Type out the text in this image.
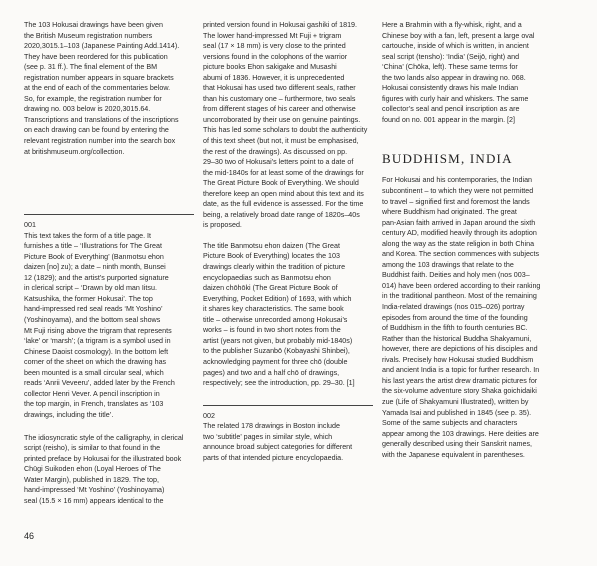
The 103 Hokusai drawings have been given
the British Museum registration numbers
2020,3015.1–103 (Japanese Painting Add.1414).
They have been reordered for this publication
(see p. 31 ff.). The final element of the BM
registration number appears in square brackets
at the end of each of the commentaries below.
So, for example, the registration number for
drawing no. 003 below is 2020,3015.64.
Transcriptions and translations of the inscriptions
on each drawing can be found by entering the
relevant registration number into the search box
at britishmuseum.org/collection.

001

This text takes the form of a title page. It
furnishes a title – ‘Illustrations for The Great
Picture Book of Everything’ (Banmotsu ehon
daizen [no] zu); a date – ninth month, Bunsei
12 (1829); and the artist’s purported signature
in clerical script – ‘Drawn by old man Iitsu.
Katsushika, the former Hokusai’. The top
hand-impressed red seal reads ‘Mt Yoshino’
(Yoshinoyama), and the bottom seal shows
Mt Fuji rising above the trigram that represents
‘lake’ or ‘marsh’; (a trigram is a symbol used in
Chinese Daoist cosmology). In the bottom left
corner of the sheet on which the drawing has
been mounted is a small circular seal, which
reads ‘Anrii Veveeru’, added later by the French
collector Henri Vever. A pencil inscription in
the top margin, in French, translates as ‘103
drawings, including the title’.

The idiosyncratic style of the calligraphy, in clerical
script (reisho), is similar to that found in the
printed preface by Hokusai for the illustrated book
Chūgi Suikoden ehon (Loyal Heroes of The
Water Margin), published in 1829. The top,
hand-impressed ‘Mt Yoshino’ (Yoshinoyama)
seal (15.5 × 16 mm) appears identical to the

printed version found in Hokusai gashiki of 1819.
The lower hand-impressed Mt Fuji + trigram
seal (17 × 18 mm) is very close to the printed
versions found in the colophons of the warrior
picture books Ehon sakigake and Musashi
abumi of 1836. However, it is unprecedented
that Hokusai has used two different seals, rather
than his customary one – furthermore, two seals
from different stages of his career and otherwise
uncorroborated by their use on genuine paintings.
This has led some scholars to doubt the authenticity
of this text sheet (but not, it must be emphasised,
the rest of the drawings). As discussed on pp.
29–30 two of Hokusai’s letters point to a date of
the mid-1840s for at least some of the drawings for
The Great Picture Book of Everything. We should
therefore keep an open mind about this text and its
date, as the full evidence is assessed. For the time
being, a relatively broad date range of 1820s–40s
is proposed.

The title Banmotsu ehon daizen (The Great
Picture Book of Everything) locates the 103
drawings clearly within the tradition of picture
encyclopaedias such as Banmotsu ehon
daizen chōhōki (The Great Picture Book of
Everything, Pocket Edition) of 1693, with which
it shares key characteristics. The same book
title – otherwise unrecorded among Hokusai’s
works – is found in two short notes from the
artist (years not given, but probably mid-1840s)
to the publisher Suzanbō (Kobayashi Shinbei),
acknowledging payment for three chō (double
pages) and two and a half chō of drawings,
respectively; see the introduction, pp. 29–30. [1]

002

The related 178 drawings in Boston include
two ‘subtitle’ pages in similar style, which
announce broad subject categories for different
parts of that intended picture encyclopaedia.

Here a Brahmin with a fly-whisk, right, and a
Chinese boy with a fan, left, present a large oval
cartouche, inside of which is written, in ancient
seal script (tensho): ‘India’ (Seijō, right) and
‘China’ (Chōka, left). These same terms for
the two lands also appear in drawing no. 068.
Hokusai consistently draws his male Indian
figures with curly hair and whiskers. The same
collector’s seal and pencil inscription as are
found on no. 001 appear in the margin. [2]

BUDDHISM, INDIA

For Hokusai and his contemporaries, the Indian
subcontinent – to which they were not permitted
to travel – signified first and foremost the lands
where Buddhism had originated. The great
pan-Asian faith arrived in Japan around the sixth
century AD, modified heavily through its adoption
along the way as the state religion in both China
and Korea. The section commences with subjects
among the 103 drawings that relate to the
Buddhist faith. Deities and holy men (nos 003–
014) have been ordered according to their ranking
in the traditional pantheon. Most of the remaining
India-related drawings (nos 015–026) portray
episodes from around the time of the founding
of Buddhism in the fifth to fourth centuries BC.
Rather than the historical Buddha Shakyamuni,
however, there are depictions of his disciples and
rivals. Precisely how Hokusai studied Buddhism
and ancient India is a topic for further research. In
his last years the artist drew dramatic pictures for
the six-volume adventure story Shaka goichidaiki
zue (Life of Shakyamuni Illustrated), written by
Yamada Isai and published in 1845 (see p. 35).
Some of the same subjects and characters
appear among the 103 drawings. Here deities are
generally described using their Sanskrit names,
with the Japanese equivalent in parentheses.

46
